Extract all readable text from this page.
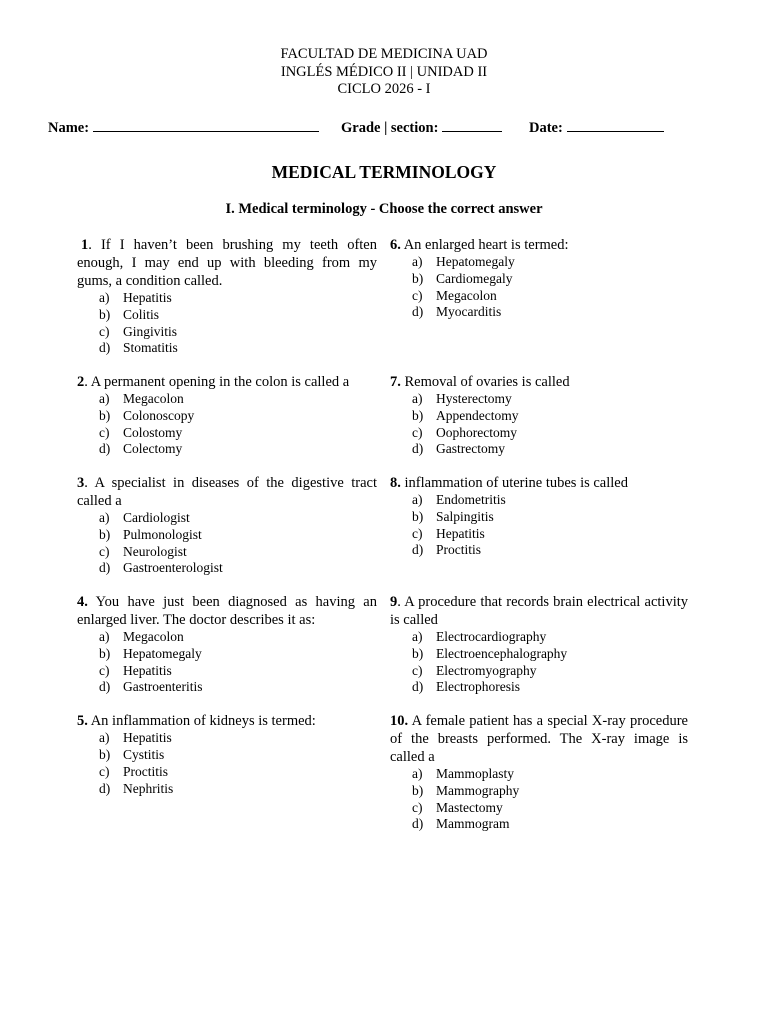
FACULTAD DE MEDICINA UAD
INGLÉS MÉDICO II | UNIDAD II
CICLO 2026 - I
Name:	Grade | section:	Date:
MEDICAL TERMINOLOGY
I. Medical terminology - Choose the correct answer

1. If I haven’t been brushing my teeth often enough, I may end up with bleeding from my gums, a condition called.

a) Hepatitis
b) Colitis
c) Gingivitis
d) Stomatitis

2. A permanent opening in the colon is called a

a) Megacolon
b) Colonoscopy
c) Colostomy
d) Colectomy

3. A specialist in diseases of the digestive tract called a

a) Cardiologist
b) Pulmonologist
c) Neurologist
d) Gastroenterologist

4. You have just been diagnosed as having an enlarged liver. The doctor describes it as:

a) Megacolon
b) Hepatomegaly
c) Hepatitis
d) Gastroenteritis

5. An inflammation of kidneys is termed:

a) Hepatitis
b) Cystitis
c) Proctitis
d) Nephritis

6. An enlarged heart is termed:

a) Hepatomegaly
b) Cardiomegaly
c) Megacolon
d) Myocarditis

7. Removal of ovaries is called

a) Hysterectomy
b) Appendectomy
c) Oophorectomy
d) Gastrectomy

8. inflammation of uterine tubes is called

a) Endometritis
b) Salpingitis
c) Hepatitis
d) Proctitis

9. A procedure that records brain electrical activity is called

a) Electrocardiography
b) Electroencephalography
c) Electromyography
d) Electrophoresis

10. A female patient has a special X-ray procedure of the breasts performed. The X-ray image is called a

a) Mammoplasty
b) Mammography
c) Mastectomy
d) Mammogram
